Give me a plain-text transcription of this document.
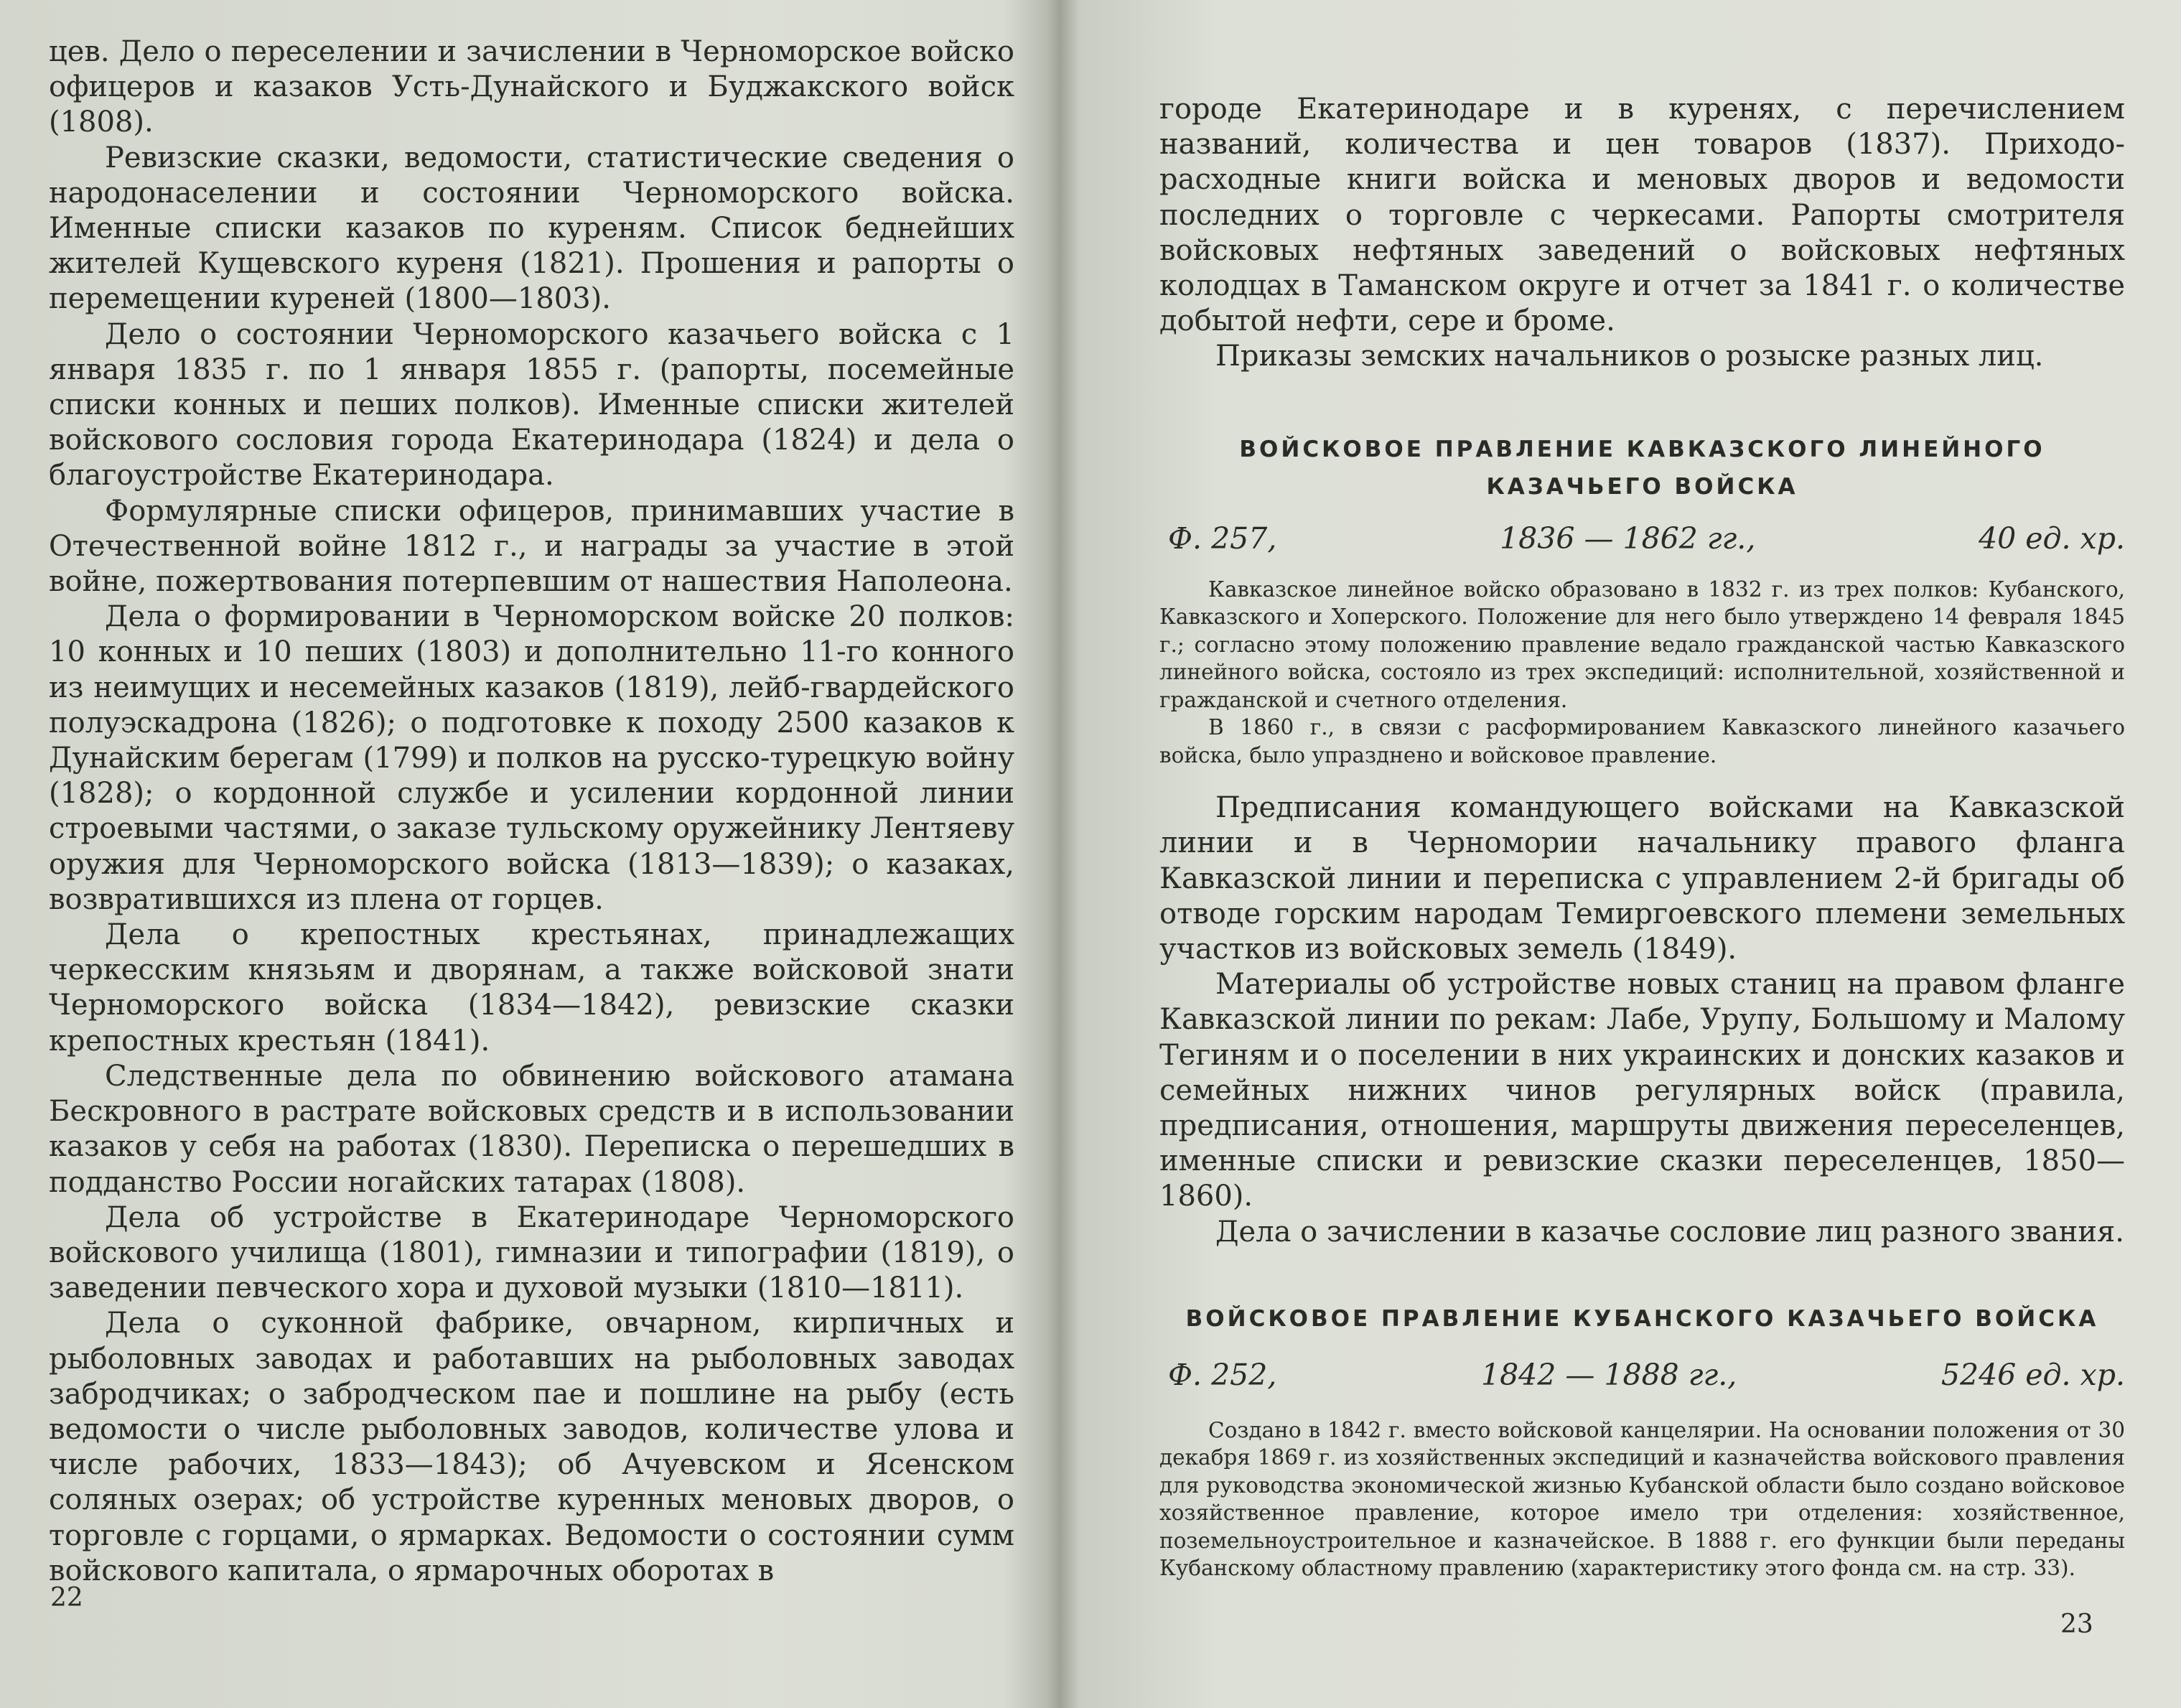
цев. Дело о переселении и зачислении в Черноморское войско офицеров и казаков Усть-Дунайского и Буджакского войск (1808).

Ревизские сказки, ведомости, статистические сведения о народонаселении и состоянии Черноморского войска. Именные списки казаков по куреням. Список беднейших жителей Кущевского куреня (1821). Прошения и рапорты о перемещении куреней (1800—1803).

Дело о состоянии Черноморского казачьего войска с 1 января 1835 г. по 1 января 1855 г. (рапорты, посемейные списки конных и пеших полков). Именные списки жителей войскового сословия города Екатеринодара (1824) и дела о благоустройстве Екатеринодара.

Формулярные списки офицеров, принимавших участие в Отечественной войне 1812 г., и награды за участие в этой войне, пожертвования потерпевшим от нашествия Наполеона.

Дела о формировании в Черноморском войске 20 полков: 10 конных и 10 пеших (1803) и дополнительно 11-го конного из неимущих и несемейных казаков (1819), лейб-гвардейского полуэскадрона (1826); о подготовке к походу 2500 казаков к Дунайским берегам (1799) и полков на русско-турецкую войну (1828); о кордонной службе и усилении кордонной линии строевыми частями, о заказе тульскому оружейнику Лентяеву оружия для Черноморского войска (1813—1839); о казаках, возвратившихся из плена от горцев.

Дела о крепостных крестьянах, принадлежащих черкесским князьям и дворянам, а также войсковой знати Черноморского войска (1834—1842), ревизские сказки крепостных крестьян (1841).

Следственные дела по обвинению войскового атамана Бескровного в растрате войсковых средств и в использовании казаков у себя на работах (1830). Переписка о перешедших в подданство России ногайских татарах (1808).

Дела об устройстве в Екатеринодаре Черноморского войскового училища (1801), гимназии и типографии (1819), о заведении певческого хора и духовой музыки (1810—1811).

Дела о суконной фабрике, овчарном, кирпичных и рыболовных заводах и работавших на рыболовных заводах забродчиках; о забродческом пае и пошлине на рыбу (есть ведомости о числе рыболовных заводов, количестве улова и числе рабочих, 1833—1843); об Ачуевском и Ясенском соляных озерах; об устройстве куренных меновых дворов, о торговле с горцами, о ярмарках. Ведомости о состоянии сумм войскового капитала, о ярмарочных оборотах в

22

городе Екатеринодаре и в куренях, с перечислением названий, количества и цен товаров (1837). Приходо-расходные книги войска и меновых дворов и ведомости последних о торговле с черкесами. Рапорты смотрителя войсковых нефтяных заведений о войсковых нефтяных колодцах в Таманском округе и отчет за 1841 г. о количестве добытой нефти, сере и броме.

Приказы земских начальников о розыске разных лиц.

ВОЙСКОВОЕ ПРАВЛЕНИЕ КАВКАЗСКОГО ЛИНЕЙНОГО КАЗАЧЬЕГО ВОЙСКА
Ф. 257,	1836 — 1862 гг.,	40 ед. хр.

Кавказское линейное войско образовано в 1832 г. из трех полков: Кубанского, Кавказского и Хоперского. Положение для него было утверждено 14 февраля 1845 г.; согласно этому положению правление ведало гражданской частью Кавказского линейного войска, состояло из трех экспедиций: исполнительной, хозяйственной и гражданской и счетного отделения.

В 1860 г., в связи с расформированием Кавказского линейного казачьего войска, было упразднено и войсковое правление.

Предписания командующего войсками на Кавказской линии и в Черномории начальнику правого фланга Кавказской линии и переписка с управлением 2-й бригады об отводе горским народам Темиргоевского племени земельных участков из войсковых земель (1849).

Материалы об устройстве новых станиц на правом фланге Кавказской линии по рекам: Лабе, Урупу, Большому и Малому Тегиням и о поселении в них украинских и донских казаков и семейных нижних чинов регулярных войск (правила, предписания, отношения, маршруты движения переселенцев, именные списки и ревизские сказки переселенцев, 1850—1860).

Дела о зачислении в казачье сословие лиц разного звания.

ВОЙСКОВОЕ ПРАВЛЕНИЕ КУБАНСКОГО КАЗАЧЬЕГО ВОЙСКА
Ф. 252,	1842 — 1888 гг.,	5246 ед. хр.

Создано в 1842 г. вместо войсковой канцелярии. На основании положения от 30 декабря 1869 г. из хозяйственных экспедиций и казначейства войскового правления для руководства экономической жизнью Кубанской области было создано войсковое хозяйственное правление, которое имело три отделения: хозяйственное, поземельноустроительное и казначейское. В 1888 г. его функции были переданы Кубанскому областному правлению (характеристику этого фонда см. на стр. 33).

23
